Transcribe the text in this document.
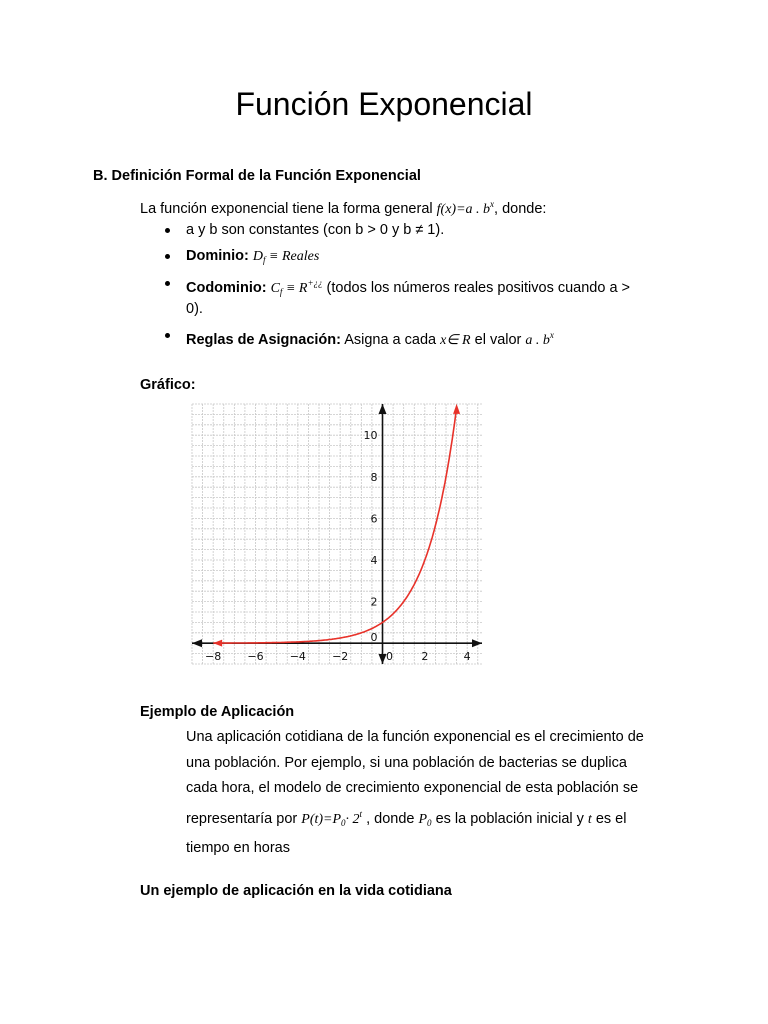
Función Exponencial
B. Definición Formal de la Función Exponencial
La función exponencial tiene la forma general f(x)=a . $b^x$, donde:
a y b son constantes (con b > 0 y b ≠ 1).
Dominio: $D_f$ ≡ Reales
Codominio: $C_f \equiv R^{+¿¿}$ (todos los números reales positivos cuando a >
0).
Reglas de Asignación: Asigna a cada x∈ R el valor a . $b^x$
Gráfico:
−8 −6 −4 −2	0	2	4
10
8
6
4
2
0
Ejemplo de Aplicación
Una aplicación cotidiana de la función exponencial es el crecimiento de
una población. Por ejemplo, si una población de bacterias se duplica
cada hora, el modelo de crecimiento exponencial de esta población se
representaría por $P(t)=P_0\cdot 2^t$ , donde $P_0$ es la población inicial y t es el
tiempo en horas
Un ejemplo de aplicación en la vida cotidiana
